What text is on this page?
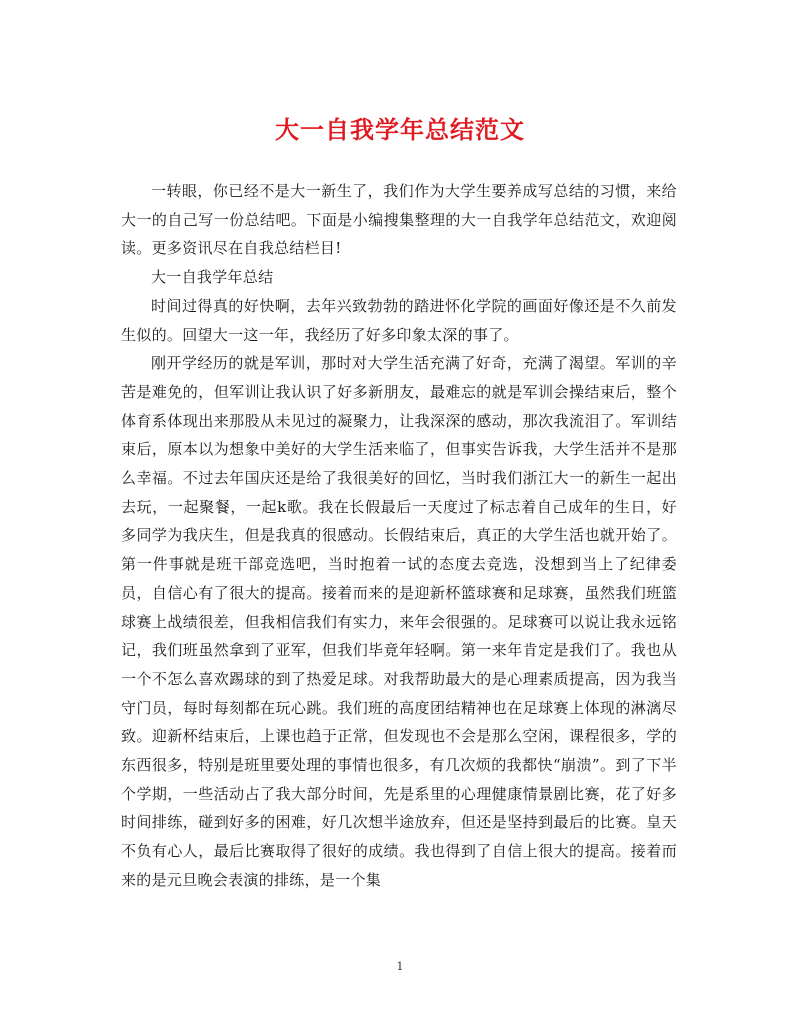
大一自我学年总结范文

一转眼，你已经不是大一新生了，我们作为大学生要养成写总结的习惯，来给大一的自己写一份总结吧。下面是小编搜集整理的大一自我学年总结范文，欢迎阅读。更多资讯尽在自我总结栏目!

大一自我学年总结

时间过得真的好快啊，去年兴致勃勃的踏进怀化学院的画面好像还是不久前发生似的。回望大一这一年，我经历了好多印象太深的事了。

刚开学经历的就是军训，那时对大学生活充满了好奇，充满了渴望。军训的辛苦是难免的，但军训让我认识了好多新朋友，最难忘的就是军训会操结束后，整个体育系体现出来那股从未见过的凝聚力，让我深深的感动，那次我流泪了。军训结束后，原本以为想象中美好的大学生活来临了，但事实告诉我，大学生活并不是那么幸福。不过去年国庆还是给了我很美好的回忆，当时我们浙江大一的新生一起出去玩，一起聚餐，一起k歌。我在长假最后一天度过了标志着自己成年的生日，好多同学为我庆生，但是我真的很感动。长假结束后，真正的大学生活也就开始了。第一件事就是班干部竞选吧，当时抱着一试的态度去竞选，没想到当上了纪律委员，自信心有了很大的提高。接着而来的是迎新杯篮球赛和足球赛，虽然我们班篮球赛上战绩很差，但我相信我们有实力，来年会很强的。足球赛可以说让我永远铭记，我们班虽然拿到了亚军，但我们毕竟年轻啊。第一来年肯定是我们了。我也从一个不怎么喜欢踢球的到了热爱足球。对我帮助最大的是心理素质提高，因为我当守门员，每时每刻都在玩心跳。我们班的高度团结精神也在足球赛上体现的淋漓尽致。迎新杯结束后，上课也趋于正常，但发现也不会是那么空闲，课程很多，学的东西很多，特别是班里要处理的事情也很多，有几次烦的我都快“崩溃”。到了下半个学期，一些活动占了我大部分时间，先是系里的心理健康情景剧比赛，花了好多时间排练，碰到好多的困难，好几次想半途放弃，但还是坚持到最后的比赛。皇天不负有心人，最后比赛取得了很好的成绩。我也得到了自信上很大的提高。接着而来的是元旦晚会表演的排练，是一个集

1
